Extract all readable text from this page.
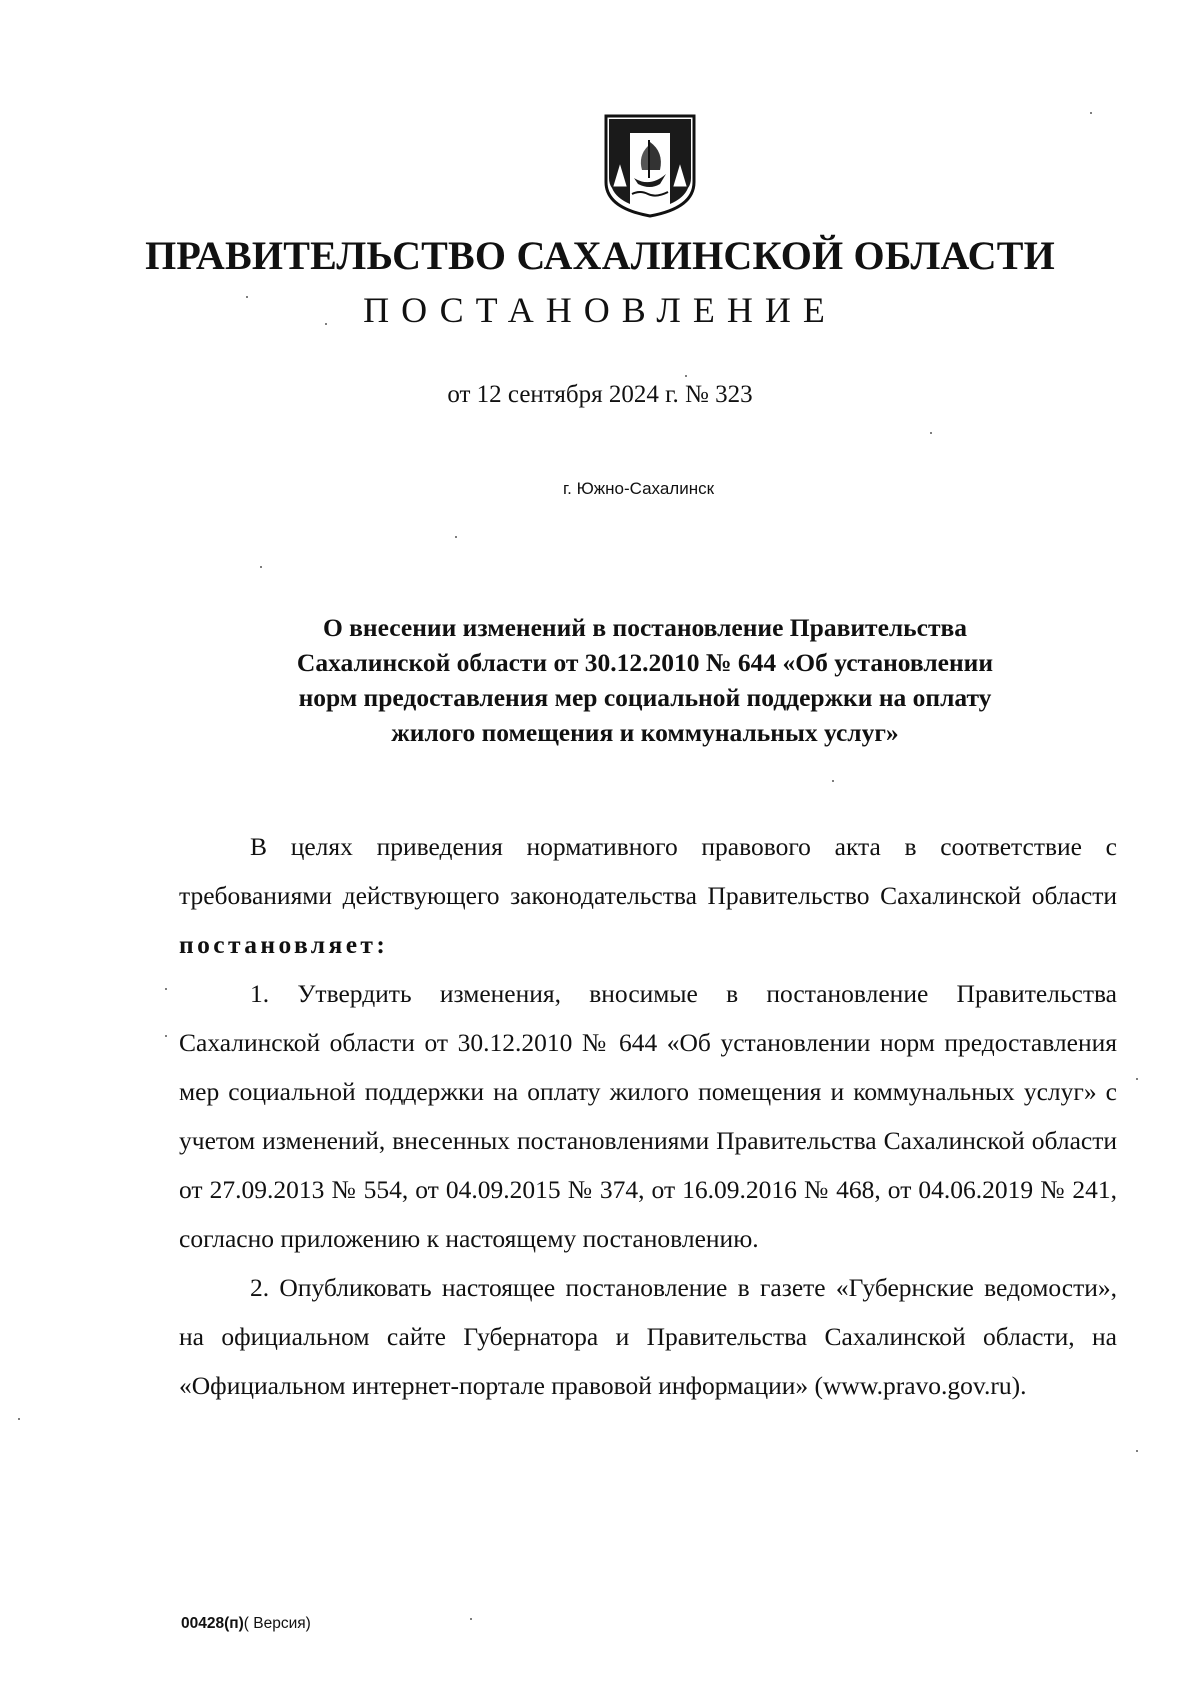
ПРАВИТЕЛЬСТВО САХАЛИНСКОЙ ОБЛАСТИ
ПОСТАНОВЛЕНИЕ
от 12 сентября 2024 г. № 323
г. Южно-Сахалинск
О внесении изменений в постановление Правительства
Сахалинской области от 30.12.2010 № 644 «Об установлении
норм предоставления мер социальной поддержки на оплату
жилого помещения и коммунальных услуг»

В целях приведения нормативного правового акта в соответствие с требованиями действующего законодательства Правительство Сахалинской области постановляет:

1. Утвердить изменения, вносимые в постановление Правительства Сахалинской области от 30.12.2010 № 644 «Об установлении норм предоставления мер социальной поддержки на оплату жилого помещения и коммунальных услуг» с учетом изменений, внесенных постановлениями Правительства Сахалинской области от 27.09.2013 № 554, от 04.09.2015 № 374, от 16.09.2016 № 468, от 04.06.2019 № 241, согласно приложению к настоящему постановлению.

2. Опубликовать настоящее постановление в газете «Губернские ведомости», на официальном сайте Губернатора и Правительства Сахалинской области, на «Официальном интернет-портале правовой информации» (www.pravo.gov.ru).

00428(п)( Версия)
